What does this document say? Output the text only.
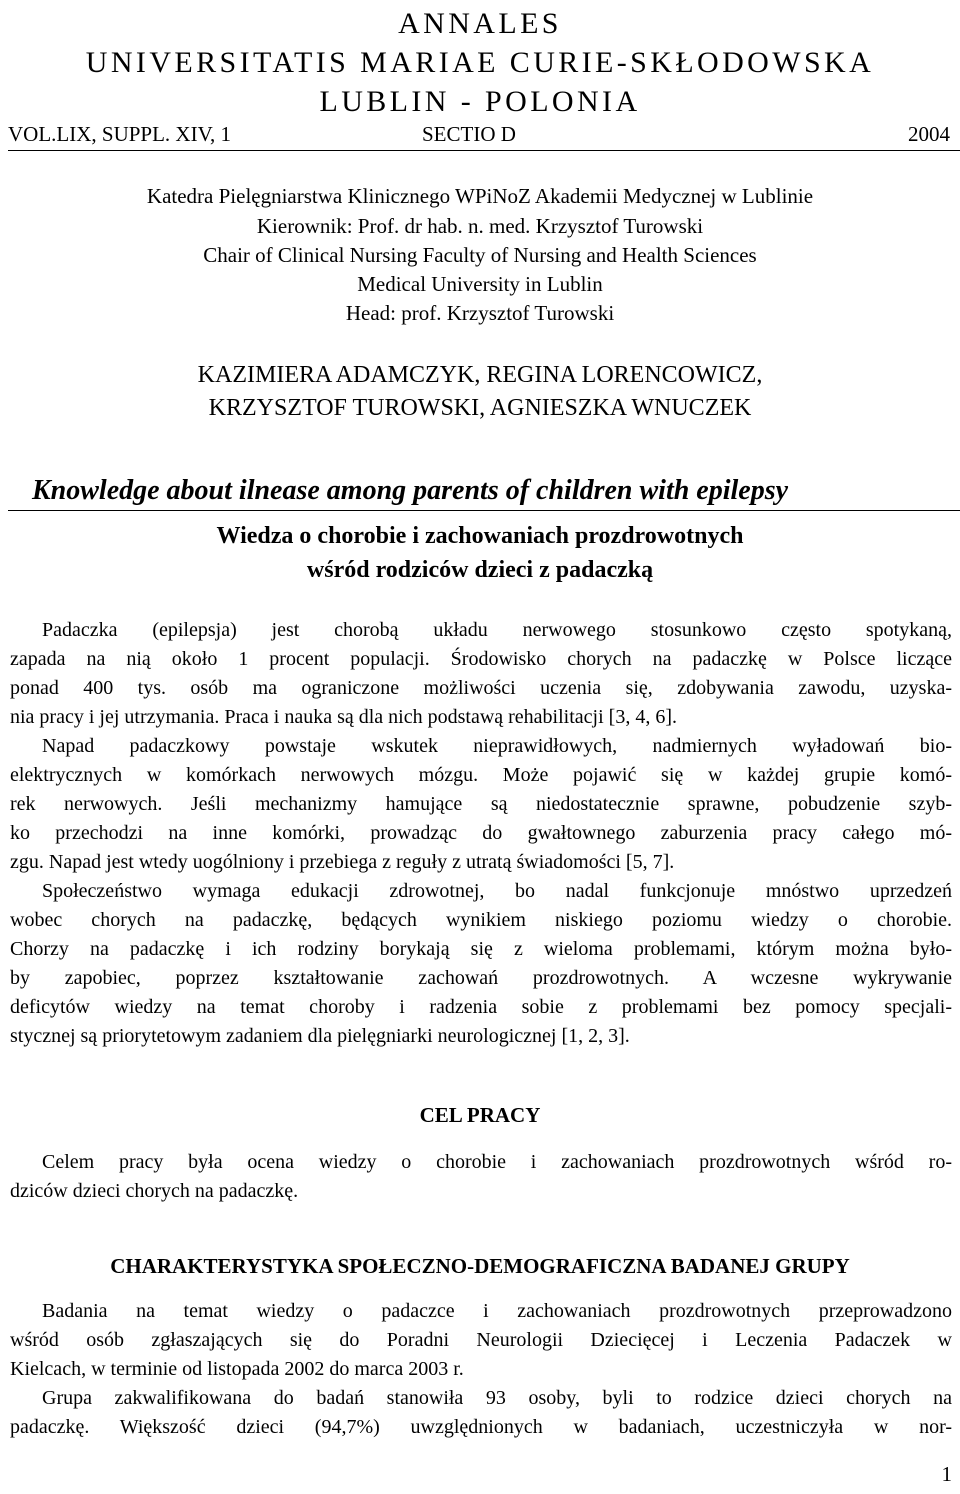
ANNALES
UNIVERSITATIS MARIAE CURIE-SKŁODOWSKA
LUBLIN - POLONIA
VOL.LIX, SUPPL. XIV, 1	SECTIO D	2004
Katedra Pielęgniarstwa Klinicznego WPiNoZ Akademii Medycznej w Lublinie
Kierownik: Prof. dr hab. n. med. Krzysztof Turowski
Chair of Clinical Nursing Faculty of Nursing and Health Sciences
Medical University in Lublin
Head: prof. Krzysztof Turowski
KAZIMIERA ADAMCZYK, REGINA LORENCOWICZ,
KRZYSZTOF TUROWSKI, AGNIESZKA WNUCZEK
Knowledge about ilnease among parents of children with epilepsy
Wiedza o chorobie i zachowaniach prozdrowotnych
wśród rodziców dzieci z padaczką
Padaczka (epilepsja) jest chorobą układu nerwowego stosunkowo często spotykaną,
zapada na nią około 1 procent populacji. Środowisko chorych na padaczkę w Polsce liczące
ponad 400 tys. osób ma ograniczone możliwości uczenia się, zdobywania zawodu, uzyska-
nia pracy i jej utrzymania. Praca i nauka są dla nich podstawą rehabilitacji [3, 4, 6].
Napad padaczkowy powstaje wskutek nieprawidłowych, nadmiernych wyładowań bio-
elektrycznych w komórkach nerwowych mózgu. Może pojawić się w każdej grupie komó-
rek nerwowych. Jeśli mechanizmy hamujące są niedostatecznie sprawne, pobudzenie szyb-
ko przechodzi na inne komórki, prowadząc do gwałtownego zaburzenia pracy całego mó-
zgu. Napad jest wtedy uogólniony i przebiega z reguły z utratą świadomości [5, 7].
Społeczeństwo wymaga edukacji zdrowotnej, bo nadal funkcjonuje mnóstwo uprzedzeń
wobec chorych na padaczkę, będących wynikiem niskiego poziomu wiedzy o chorobie.
Chorzy na padaczkę i ich rodziny borykają się z wieloma problemami, którym można było-
by zapobiec, poprzez kształtowanie zachowań prozdrowotnych. A wczesne wykrywanie
deficytów wiedzy na temat choroby i radzenia sobie z problemami bez pomocy specjali-
stycznej są priorytetowym zadaniem dla pielęgniarki neurologicznej [1, 2, 3].
CEL PRACY
Celem pracy była ocena wiedzy o chorobie i zachowaniach prozdrowotnych wśród ro-
dziców dzieci chorych na padaczkę.
CHARAKTERYSTYKA SPOŁECZNO-DEMOGRAFICZNA BADANEJ GRUPY
Badania na temat wiedzy o padaczce i zachowaniach prozdrowotnych przeprowadzono
wśród osób zgłaszających się do Poradni Neurologii Dziecięcej i Leczenia Padaczek w
Kielcach, w terminie od listopada 2002 do marca 2003 r.
Grupa zakwalifikowana do badań stanowiła 93 osoby, byli to rodzice dzieci chorych na
padaczkę. Większość dzieci (94,7%) uwzględnionych w badaniach, uczestniczyła w nor-
1
